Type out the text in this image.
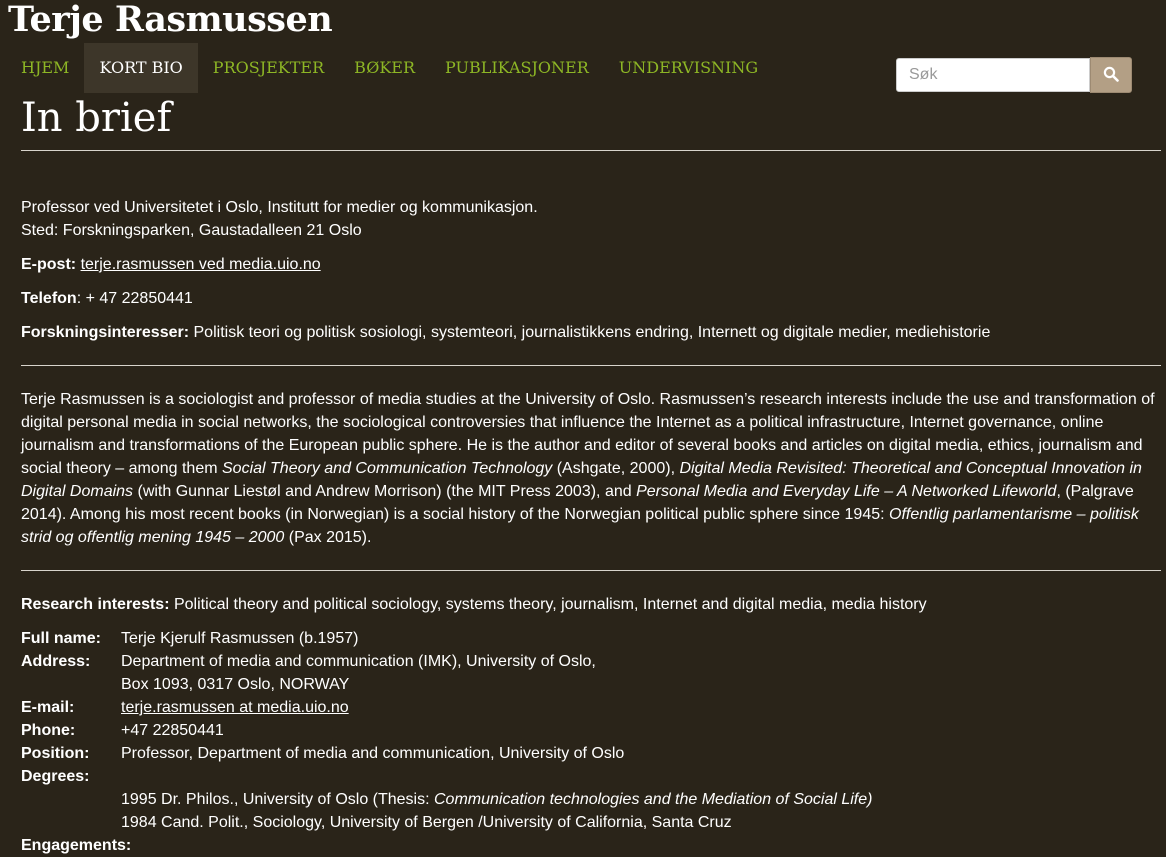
Terje Rasmussen
HJEM	KORT BIO	PROSJEKTER	BØKER	PUBLIKASJONER	UNDERVISNING
Søk
In brief

Professor ved Universitetet i Oslo, Institutt for medier og kommunikasjon.

Sted: Forskningsparken, Gaustadalleen 21 Oslo

E-post: terje.rasmussen ved media.uio.no
Telefon: + 47 22850441
Forskningsinteresser: Politisk teori og politisk sosiologi, systemteori, journalistikkens endring, Internett og digitale medier, mediehistorie

Terje Rasmussen is a sociologist and professor of media studies at the University of Oslo. Rasmussen’s research interests include the use and transformation of digital personal media in social networks, the sociological controversies that influence the Internet as a political infrastructure, Internet governance, online journalism and transformations of the European public sphere. He is the author and editor of several books and articles on digital media, ethics, journalism and social theory – among them Social Theory and Communication Technology (Ashgate, 2000), Digital Media Revisited: Theoretical and Conceptual Innovation in Digital Domains (with Gunnar Liestøl and Andrew Morrison) (the MIT Press 2003), and Personal Media and Everyday Life – A Networked Lifeworld, (Palgrave 2014). Among his most recent books (in Norwegian) is a social history of the Norwegian political public sphere since 1945: Offentlig parlamentarisme – politisk strid og offentlig mening 1945 – 2000 (Pax 2015).

Research interests: Political theory and political sociology, systems theory, journalism, Internet and digital media, media history
Full name: Terje Kjerulf Rasmussen (b.1957)
Address: Department of media and communication (IMK), University of Oslo,
Box 1093, 0317 Oslo, NORWAY
E-mail:	terje.rasmussen at media.uio.no
Phone:	+47 22850441
Position: Professor, Department of media and communication, University of Oslo
Degrees:
1995 Dr. Philos., University of Oslo (Thesis: Communication technologies and the Mediation of Social Life)
1984 Cand. Polit., Sociology, University of Bergen /University of California, Santa Cruz
Engagements:
